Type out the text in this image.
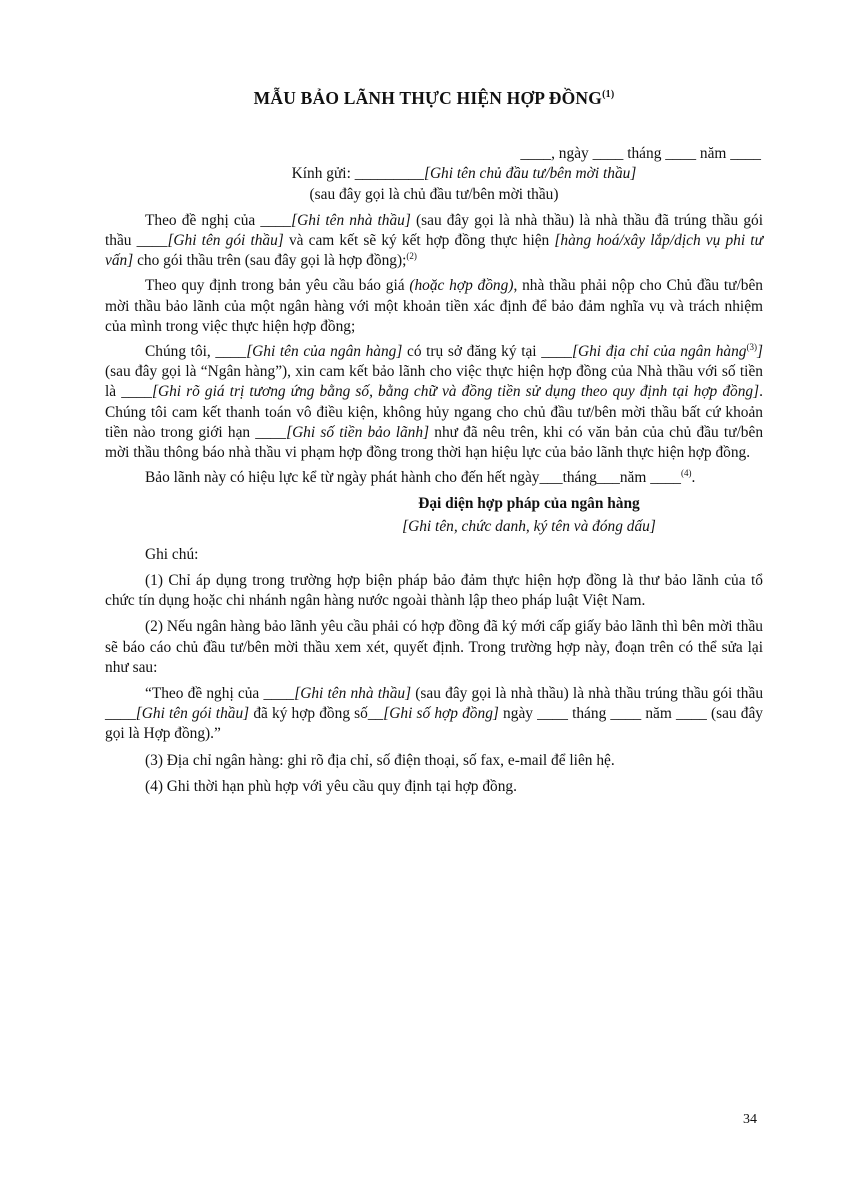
MẪU BẢO LÃNH THỰC HIỆN HỢP ĐỒNG$^{(1)}$

____, ngày ____ tháng ____ năm ____

Kính gửi: _________[Ghi tên chủ đầu tư/bên mời thầu]

(sau đây gọi là chủ đầu tư/bên mời thầu)

Theo đề nghị của ____[Ghi tên nhà thầu] (sau đây gọi là nhà thầu) là nhà thầu đã trúng thầu gói thầu ____[Ghi tên gói thầu] và cam kết sẽ ký kết hợp đồng thực hiện [hàng hoá/xây lắp/dịch vụ phi tư vấn] cho gói thầu trên (sau đây gọi là hợp đồng);$^{(2)}$

Theo quy định trong bản yêu cầu báo giá (hoặc hợp đồng), nhà thầu phải nộp cho Chủ đầu tư/bên mời thầu bảo lãnh của một ngân hàng với một khoản tiền xác định để bảo đảm nghĩa vụ và trách nhiệm của mình trong việc thực hiện hợp đồng;

Chúng tôi, ____[Ghi tên của ngân hàng] có trụ sở đăng ký tại ____[Ghi địa chỉ của ngân hàng$^{(3)}$] (sau đây gọi là “Ngân hàng”), xin cam kết bảo lãnh cho việc thực hiện hợp đồng của Nhà thầu với số tiền là ____[Ghi rõ giá trị tương ứng bằng số, bằng chữ và đồng tiền sử dụng theo quy định tại hợp đồng]. Chúng tôi cam kết thanh toán vô điều kiện, không hủy ngang cho chủ đầu tư/bên mời thầu bất cứ khoản tiền nào trong giới hạn ____[Ghi số tiền bảo lãnh] như đã nêu trên, khi có văn bản của chủ đầu tư/bên mời thầu thông báo nhà thầu vi phạm hợp đồng trong thời hạn hiệu lực của bảo lãnh thực hiện hợp đồng.

Bảo lãnh này có hiệu lực kể từ ngày phát hành cho đến hết ngày___tháng___năm ____$^{(4)}$.

Đại diện hợp pháp của ngân hàng
[Ghi tên, chức danh, ký tên và đóng dấu]

Ghi chú:

(1) Chỉ áp dụng trong trường hợp biện pháp bảo đảm thực hiện hợp đồng là thư bảo lãnh của tổ chức tín dụng hoặc chi nhánh ngân hàng nước ngoài thành lập theo pháp luật Việt Nam.

(2) Nếu ngân hàng bảo lãnh yêu cầu phải có hợp đồng đã ký mới cấp giấy bảo lãnh thì bên mời thầu sẽ báo cáo chủ đầu tư/bên mời thầu xem xét, quyết định. Trong trường hợp này, đoạn trên có thể sửa lại như sau:

“Theo đề nghị của ____[Ghi tên nhà thầu] (sau đây gọi là nhà thầu) là nhà thầu trúng thầu gói thầu ____[Ghi tên gói thầu] đã ký hợp đồng số__[Ghi số hợp đồng] ngày ____ tháng ____ năm ____ (sau đây gọi là Hợp đồng).”

(3) Địa chỉ ngân hàng: ghi rõ địa chỉ, số điện thoại, số fax, e-mail để liên hệ.

(4) Ghi thời hạn phù hợp với yêu cầu quy định tại hợp đồng.

34
